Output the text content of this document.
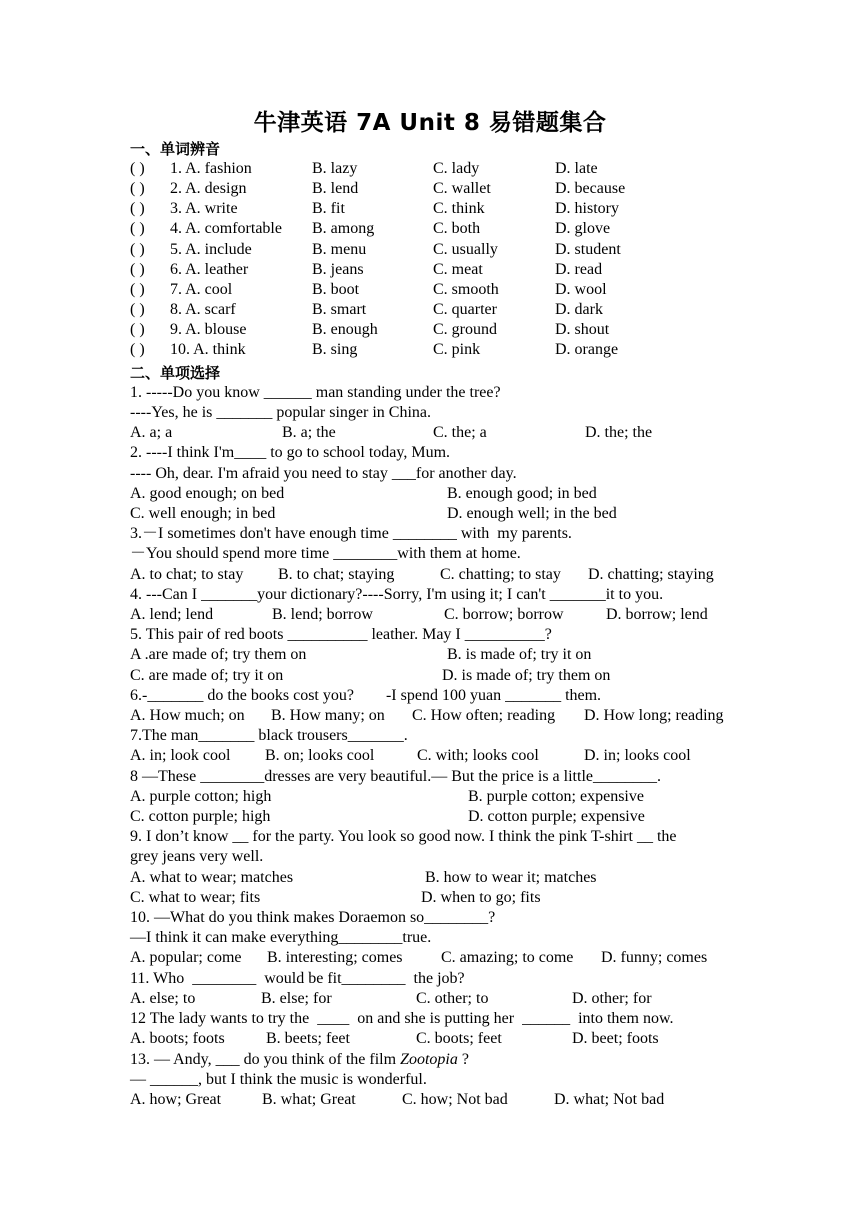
牛津英语 7A Unit 8 易错题集合
一、单词辨音
( ) 1. A. fashion	B. lazy	C. lady	D. late
( ) 2. A. design	B. lend	C. wallet	D. because
( ) 3. A. write	B. fit	C. think	D. history
( ) 4. A. comfortable B. among	C. both	D. glove
( ) 5. A. include	B. menu	C. usually	D. student
( ) 6. A. leather	B. jeans	C. meat	D. read
( ) 7. A. cool	B. boot	C. smooth	D. wool
( ) 8. A. scarf	B. smart	C. quarter	D. dark
( ) 9. A. blouse	B. enough	C. ground	D. shout
( ) 10. A. think	B. sing	C. pink	D. orange
二、单项选择
1. -----Do you know ______ man standing under the tree?
----Yes, he is _______ popular singer in China.
A. a; a	B. a; the	C. the; a	D. the; the
2. ----I think I'm____ to go to school today, Mum.
---- Oh, dear. I'm afraid you need to stay ___for another day.
A. good enough; on bed	B. enough good; in bed
C. well enough; in bed	D. enough well; in the bed
3.－I sometimes don't have enough time ________ with  my parents.
－You should spend more time ________with them at home.
A. to chat; to stay B. to chat; staying	C. chatting; to stay D. chatting; staying
4. ---Can I _______your dictionary?----Sorry, I'm using it; I can't _______it to you.
A. lend; lend	B. lend; borrow	C. borrow; borrow	D. borrow; lend
5. This pair of red boots __________ leather. May I __________?
A .are made of; try them on	B. is made of; try it on
C. are made of; try it on	D. is made of; try them on
6.-_______ do the books cost you?        -I spend 100 yuan _______ them.
A. How much; on B. How many; on C. How often; reading D. How long; reading
7.The man_______ black trousers_______.
A. in; look cool B. on; looks cool	C. with; looks cool	D. in; looks cool
8 —These ________dresses are very beautiful.— But the price is a little________.
A. purple cotton; high	B. purple cotton; expensive
C. cotton purple; high	D. cotton purple; expensive
9. I don’t know __ for the party. You look so good now. I think the pink T-shirt __ the
grey jeans very well.
A. what to wear; matches	B. how to wear it; matches
C. what to wear; fits	D. when to go; fits
10. —What do you think makes Doraemon so________?
—I think it can make everything________true.
A. popular; come B. interesting; comes C. amazing; to come D. funny; comes
11. Who  ________  would be fit________  the job?
A. else; to	B. else; for	C. other; to	D. other; for
12 The lady wants to try the  ____  on and she is putting her  ______  into them now.
A. boots; foots	B. beets; feet	C. boots; feet	D. beet; foots
13. — Andy, ___ do you think of the film Zootopia ?
— ______, but I think the music is wonderful.
A. how; Great	B. what; Great	C. how; Not bad	D. what; Not bad
